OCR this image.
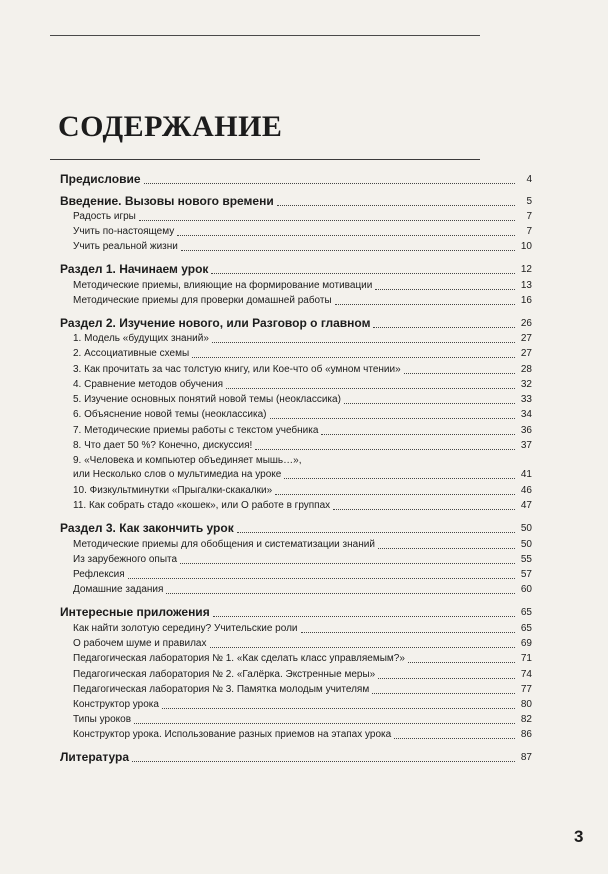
СОДЕРЖАНИЕ
Предисловие	4
Введение. Вызовы нового времени	5
Радость игры	7
Учить по-настоящему	7
Учить реальной жизни	10
Раздел 1. Начинаем урок	12
Методические приемы, влияющие на формирование мотивации	13
Методические приемы для проверки домашней работы	16
Раздел 2. Изучение нового, или Разговор о главном	26
1. Модель «будущих знаний»	27
2. Ассоциативные схемы	27
3. Как прочитать за час толстую книгу, или Кое-что об «умном чтении»	28
4. Сравнение методов обучения	32
5. Изучение основных понятий новой темы (неоклассика)	33
6. Объяснение новой темы (неоклассика)	34
7. Методические приемы работы с текстом учебника	36
8. Что дает 50 %? Конечно, дискуссия!	37
9. «Человека и компьютер объединяет мышь…»,
или Несколько слов о мультимедиа на уроке	41
10. Физкультминутки «Прыгалки-скакалки»	46
11. Как собрать стадо «кошек», или О работе в группах	47
Раздел 3. Как закончить урок	50
Методические приемы для обобщения и систематизации знаний	50
Из зарубежного опыта	55
Рефлексия	57
Домашние задания	60
Интересные приложения	65
Как найти золотую середину? Учительские роли	65
О рабочем шуме и правилах	69
Педагогическая лаборатория № 1. «Как сделать класс управляемым?»	71
Педагогическая лаборатория № 2. «Галёрка. Экстренные меры»	74
Педагогическая лаборатория № 3. Памятка молодым учителям	77
Конструктор урока	80
Типы уроков	82
Конструктор урока. Использование разных приемов на этапах урока	86
Литература	87

3
